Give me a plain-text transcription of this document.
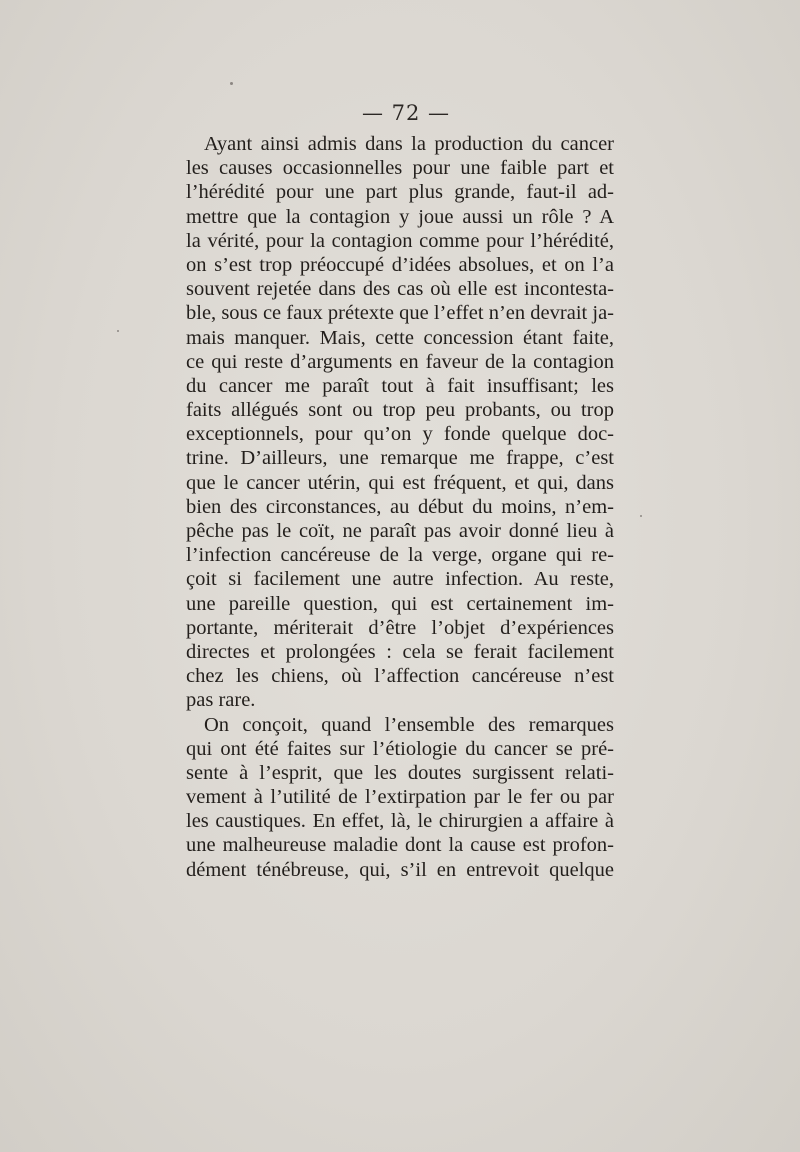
— 72 —
Ayant ainsi admis dans la production du cancer
les causes occasionnelles pour une faible part et
l’hérédité pour une part plus grande, faut-il ad-
mettre que la contagion y joue aussi un rôle ? A
la vérité, pour la contagion comme pour l’hérédité,
on s’est trop préoccupé d’idées absolues, et on l’a
souvent rejetée dans des cas où elle est incontesta-
ble, sous ce faux prétexte que l’effet n’en devrait ja-
mais manquer. Mais, cette concession étant faite,
ce qui reste d’arguments en faveur de la contagion
du cancer me paraît tout à fait insuffisant; les
faits allégués sont ou trop peu probants, ou trop
exceptionnels, pour qu’on y fonde quelque doc-
trine. D’ailleurs, une remarque me frappe, c’est
que le cancer utérin, qui est fréquent, et qui, dans
bien des circonstances, au début du moins, n’em-
pêche pas le coït, ne paraît pas avoir donné lieu à
l’infection cancéreuse de la verge, organe qui re-
çoit si facilement une autre infection. Au reste,
une pareille question, qui est certainement im-
portante, mériterait d’être l’objet d’expériences
directes et prolongées : cela se ferait facilement
chez les chiens, où l’affection cancéreuse n’est
pas rare.
On conçoit, quand l’ensemble des remarques
qui ont été faites sur l’étiologie du cancer se pré-
sente à l’esprit, que les doutes surgissent relati-
vement à l’utilité de l’extirpation par le fer ou par
les caustiques. En effet, là, le chirurgien a affaire à
une malheureuse maladie dont la cause est profon-
dément ténébreuse, qui, s’il en entrevoit quelque
